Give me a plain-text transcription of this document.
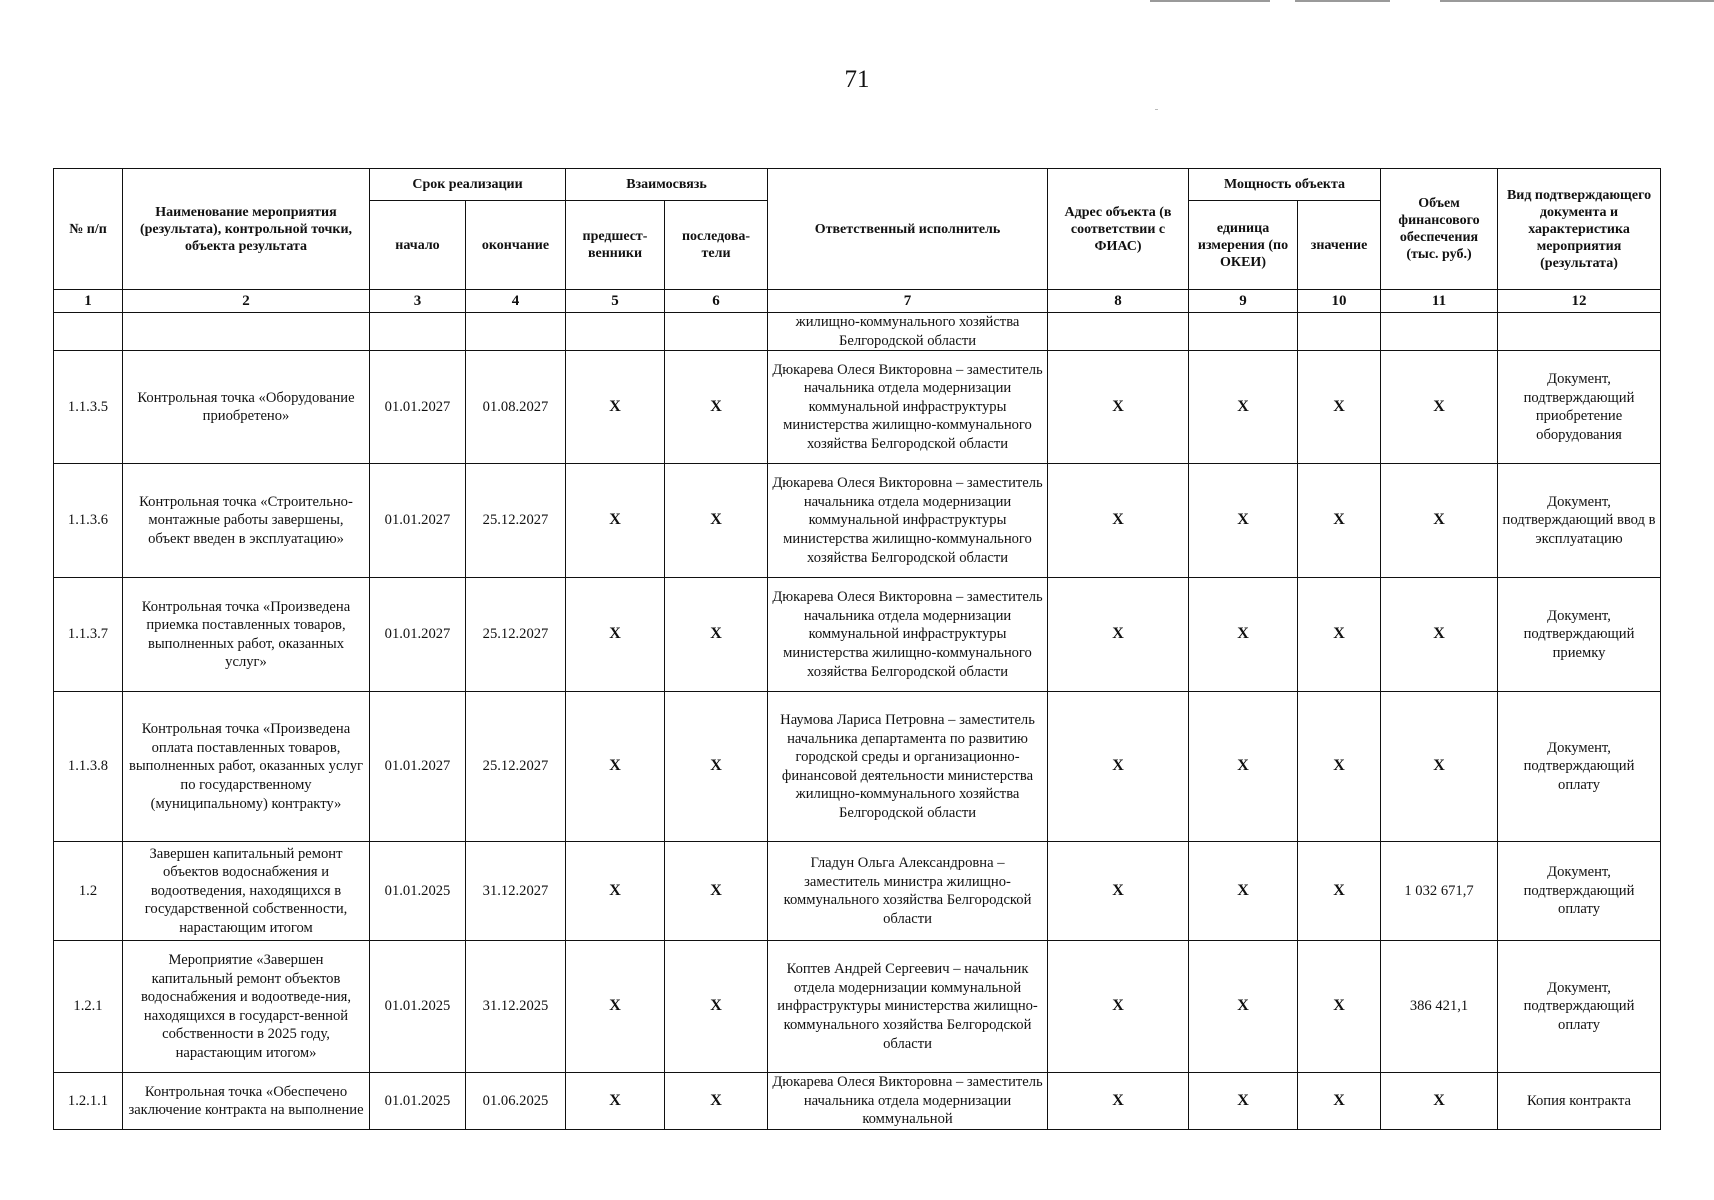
71
№ п/п	Наименование мероприятия (результата), контрольной точки, объекта результата	Срок реализации		Взаимосвязь		Ответственный исполнитель	Адрес объекта (в соответствии с ФИАС)	Мощность объекта		Объем финансового обеспечения (тыс. руб.)	Вид подтверждающего документа и характеристика мероприятия (результата)
		начало	окончание	предшест-венники	последова-тели			единица измерения (по ОКЕИ)	значение		
1	2	3	4	5	6	7	8	9	10	11	12
						жилищно-коммунального хозяйства Белгородской области					
1.1.3.5	Контрольная точка «Оборудование приобретено»	01.01.2027	01.08.2027	Х	Х	Дюкарева Олеся Викторовна – заместитель начальника отдела модернизации коммунальной инфраструктуры министерства жилищно-коммунального хозяйства Белгородской области	Х	Х	Х	Х	Документ, подтверждающий приобретение оборудования
1.1.3.6	Контрольная точка «Строительно-монтажные работы завершены, объект введен в эксплуатацию»	01.01.2027	25.12.2027	Х	Х	Дюкарева Олеся Викторовна – заместитель начальника отдела модернизации коммунальной инфраструктуры министерства жилищно-коммунального хозяйства Белгородской области	Х	Х	Х	Х	Документ, подтверждающий ввод в эксплуатацию
1.1.3.7	Контрольная точка «Произведена приемка поставленных товаров, выполненных работ, оказанных услуг»	01.01.2027	25.12.2027	Х	Х	Дюкарева Олеся Викторовна – заместитель начальника отдела модернизации коммунальной инфраструктуры министерства жилищно-коммунального хозяйства Белгородской области	Х	Х	Х	Х	Документ, подтверждающий приемку
1.1.3.8	Контрольная точка «Произведена оплата поставленных товаров, выполненных работ, оказанных услуг по государственному (муниципальному) контракту»	01.01.2027	25.12.2027	Х	Х	Наумова Лариса Петровна – заместитель начальника департамента по развитию городской среды и организационно-финансовой деятельности министерства жилищно-коммунального хозяйства Белгородской области	Х	Х	Х	Х	Документ, подтверждающий оплату
1.2	Завершен капитальный ремонт объектов водоснабжения и водоотведения, находящихся в государственной собственности, нарастающим итогом	01.01.2025	31.12.2027	Х	Х	Гладун Ольга Александровна – заместитель министра жилищно-коммунального хозяйства Белгородской области	Х	Х	Х	1 032 671,7	Документ, подтверждающий оплату
1.2.1	Мероприятие «Завершен капитальный ремонт объектов водоснабжения и водоотведе-ния, находящихся в государст-венной собственности в 2025 году, нарастающим итогом»	01.01.2025	31.12.2025	Х	Х	Коптев Андрей Сергеевич – начальник отдела модернизации коммунальной инфраструктуры министерства жилищно-коммунального хозяйства Белгородской области	Х	Х	Х	386 421,1	Документ, подтверждающий оплату
1.2.1.1	Контрольная точка «Обеспечено заключение контракта на выполнение	01.01.2025	01.06.2025	Х	Х	Дюкарева Олеся Викторовна – заместитель начальника отдела модернизации коммунальной	Х	Х	Х	Х	Копия контракта
